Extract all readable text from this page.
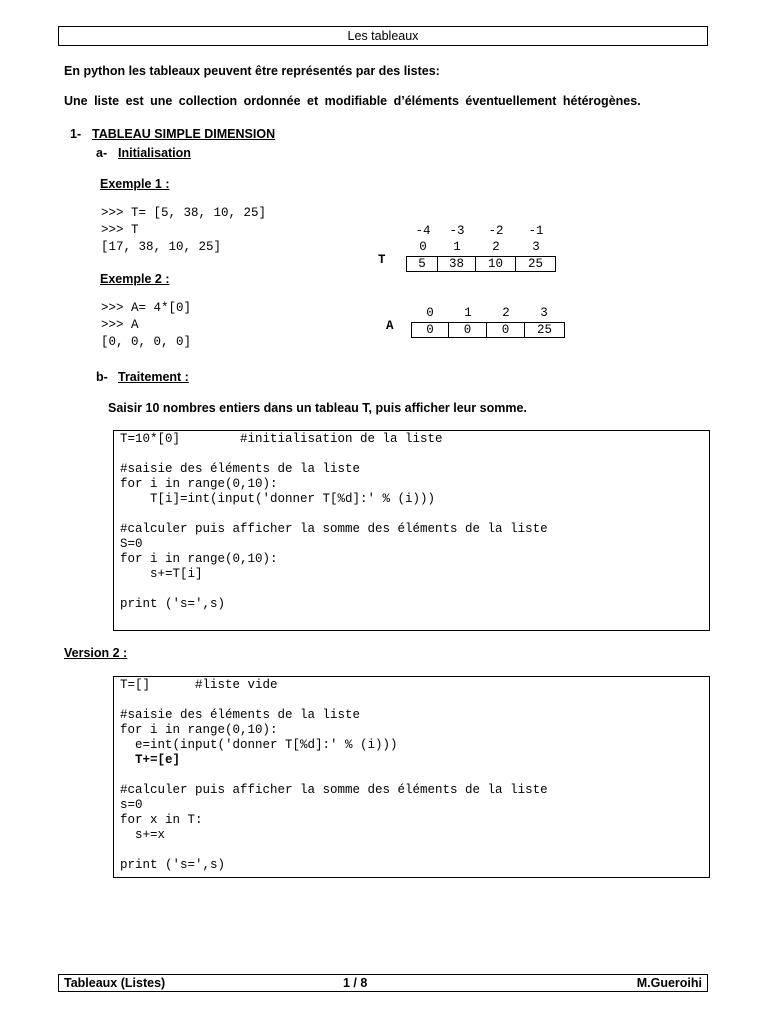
Les tableaux
En python les tableaux peuvent être représentés par des listes:
Une liste est une collection ordonnée et modifiable d’éléments éventuellement hétérogènes.
1- TABLEAU SIMPLE DIMENSION
a- Initialisation
Exemple 1 :
>>> T= [5, 38, 10, 25]
>>> T
[17, 38, 10, 25]
T
-4	-3	-2	-1
0	1	2	3
5	38	10	25
Exemple 2 :
>>> A= 4*[0]
>>> A
[0, 0, 0, 0]
A
0	1	2	3
0	0	0	25
b- Traitement :
Saisir 10 nombres entiers dans un tableau T, puis afficher leur somme.
T=10*[0]        #initialisation de la liste
#saisie des éléments de la liste
for i in range(0,10):
T[i]=int(input('donner T[%d]:' % (i)))
#calculer puis afficher la somme des éléments de la liste
S=0
for i in range(0,10):
s+=T[i]
print ('s=',s)
Version 2 :
T=[]      #liste vide
#saisie des éléments de la liste
for i in range(0,10):
e=int(input('donner T[%d]:' % (i)))
T+=[e]
#calculer puis afficher la somme des éléments de la liste
s=0
for x in T:
s+=x
print ('s=',s)
Tableaux (Listes)	1 / 8	M.Gueroihi
